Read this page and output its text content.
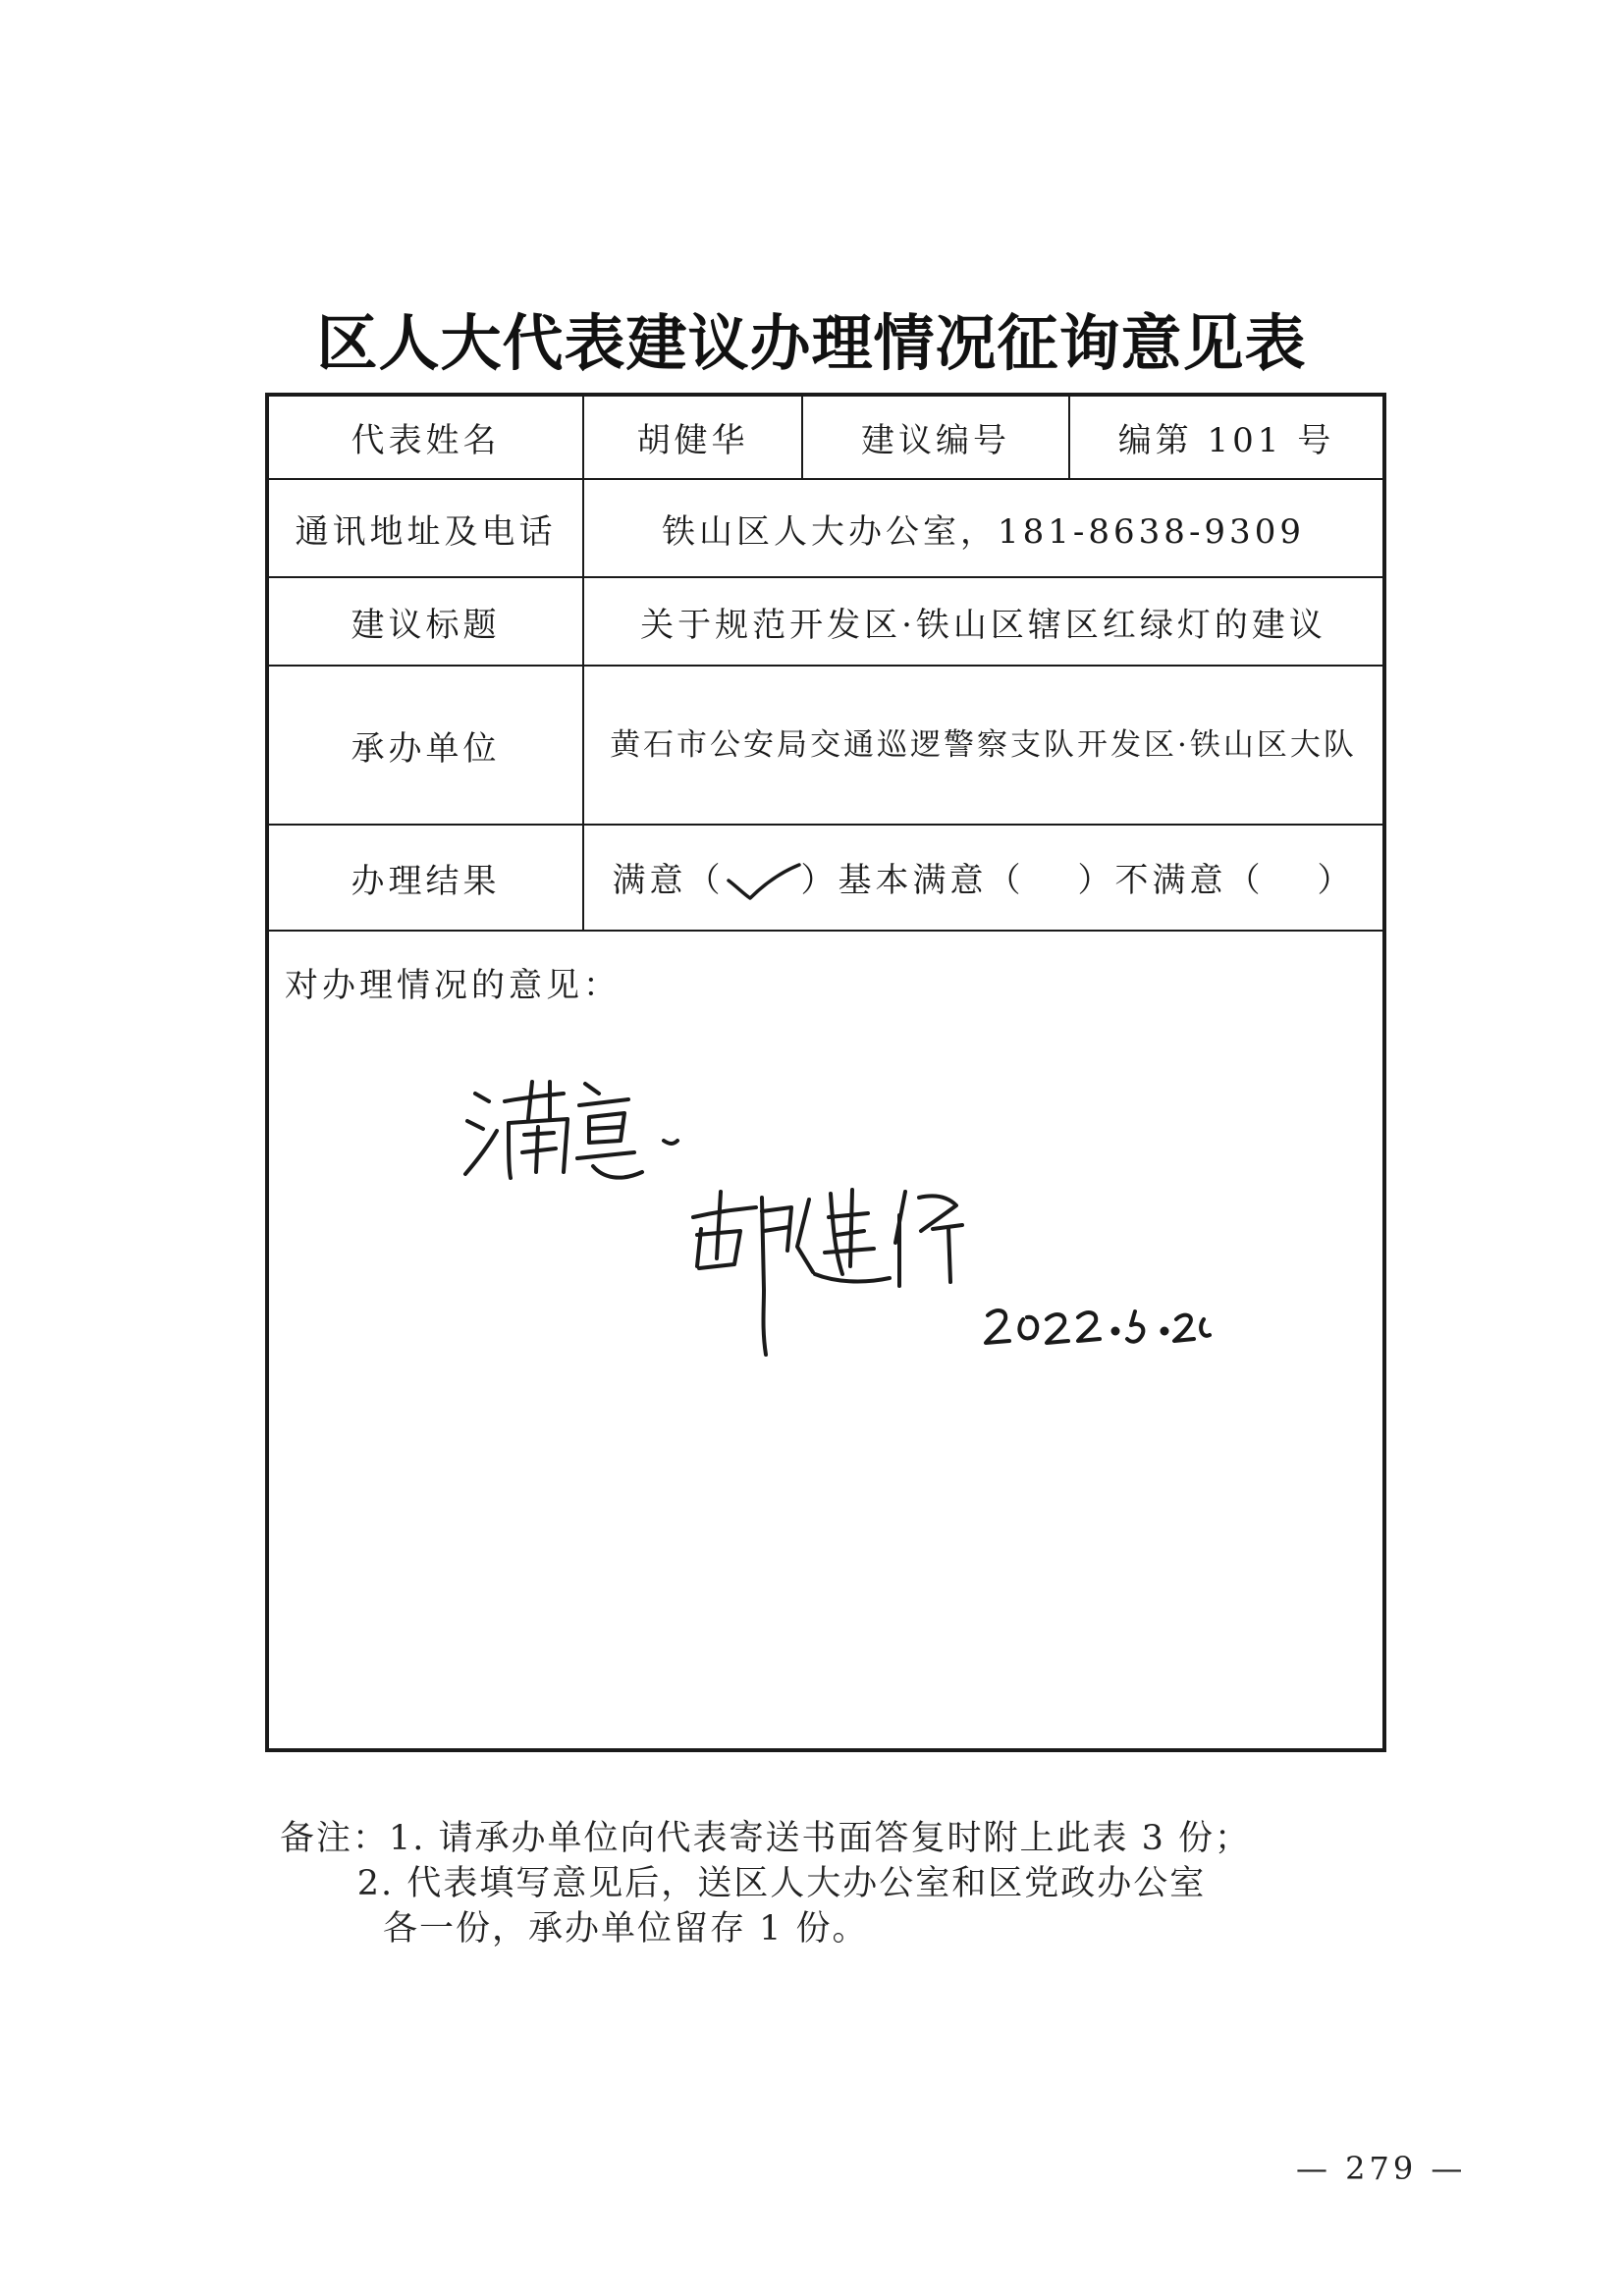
区人大代表建议办理情况征询意见表
代表姓名	胡健华	建议编号	编第 101 号
通讯地址及电话	铁山区人大办公室，181-8638-9309		
建议标题	关于规范开发区·铁山区辖区红绿灯的建议		
承办单位	黄石市公安局交通巡逻警察支队开发区·铁山区大队		

办理结果	满意（ ）基本满意（ ）不满意（ ）		
对办理情况的意见：
备注：1. 请承办单位向代表寄送书面答复时附上此表 3 份；
2. 代表填写意见后，送区人大办公室和区党政办公室
各一份，承办单位留存 1 份。
— 279 —
